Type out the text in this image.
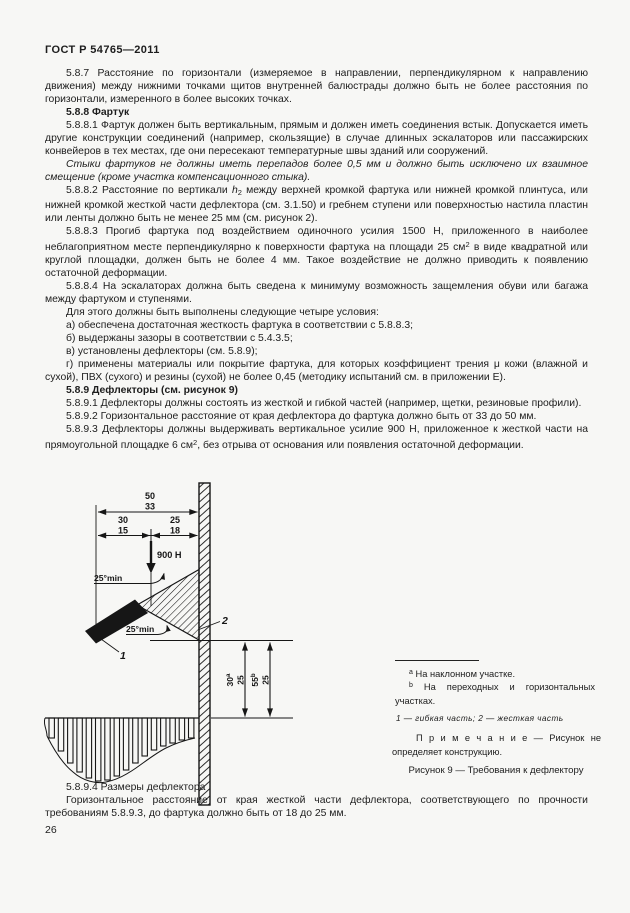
ГОСТ Р 54765—2011

5.8.7 Расстояние по горизонтали (измеряемое в направлении, перпендикулярном к направлению движения) между нижними точками щитов внутренней балюстрады должно быть не более расстояния по горизонтали, измеренного в более высоких точках.

5.8.8 Фартук

5.8.8.1 Фартук должен быть вертикальным, прямым и должен иметь соединения встык. Допускается иметь другие конструкции соединений (например, скользящие) в случае длинных эскалаторов или пассажирских конвейеров в тех местах, где они пересекают температурные швы зданий или сооружений.

Стыки фартуков не должны иметь перепадов более 0,5 мм и должно быть исключено их взаимное смещение (кроме участка компенсационного стыка).

5.8.8.2 Расстояние по вертикали $h_2$ между верхней кромкой фартука или нижней кромкой плинтуса, или нижней кромкой жесткой части дефлектора (см. 3.1.50) и гребнем ступени или поверхностью настила пластин или ленты должно быть не менее 25 мм (см. рисунок 2).

5.8.8.3 Прогиб фартука под воздействием одиночного усилия 1500 Н, приложенного в наиболее неблагоприятном месте перпендикулярно к поверхности фартука на площади 25 $см^2$ в виде квадратной или круглой площадки, должен быть не более 4 мм. Такое воздействие не должно приводить к появлению остаточной деформации.

5.8.8.4 На эскалаторах должна быть сведена к минимуму возможность защемления обуви или багажа между фартуком и ступенями.

Для этого должны быть выполнены следующие четыре условия:

а) обеспечена достаточная жесткость фартука в соответствии с 5.8.8.3;

б) выдержаны зазоры в соответствии с 5.4.3.5;

в) установлены дефлекторы (см. 5.8.9);

г) применены материалы или покрытие фартука, для которых коэффициент трения μ кожи (влажной и сухой), ПВХ (сухого) и резины (сухой) не более 0,45 (методику испытаний см. в приложении Е).

5.8.9 Дефлекторы (см. рисунок 9)

5.8.9.1 Дефлекторы должны состоять из жесткой и гибкой частей (например, щетки, резиновые профили).

5.8.9.2 Горизонтальное расстояние от края дефлектора до фартука должно быть от 33 до 50 мм.

5.8.9.3 Дефлекторы должны выдерживать вертикальное усилие 900 Н, приложенное к жесткой части на прямоугольной площадке 6 $см^2$, без отрыва от основания или появления остаточной деформации.

50
33
30
15
25
18
900 Н
25°min
25°min
1
2
30$^a$ 25 55$^b$ 25
$^a$ На наклонном участке.
$^b$ На переходных и горизонтальных участках.
1 — гибкая часть; 2 — жесткая часть
П р и м е ч а н и е — Рисунок не определяет конструкцию.
Рисунок 9 — Требования к дефлектору

5.8.9.4 Размеры дефлектора

Горизонтальное расстояние от края жесткой части дефлектора, соответствующего по прочности требованиям 5.8.9.3, до фартука должно быть от 18 до 25 мм.

26
